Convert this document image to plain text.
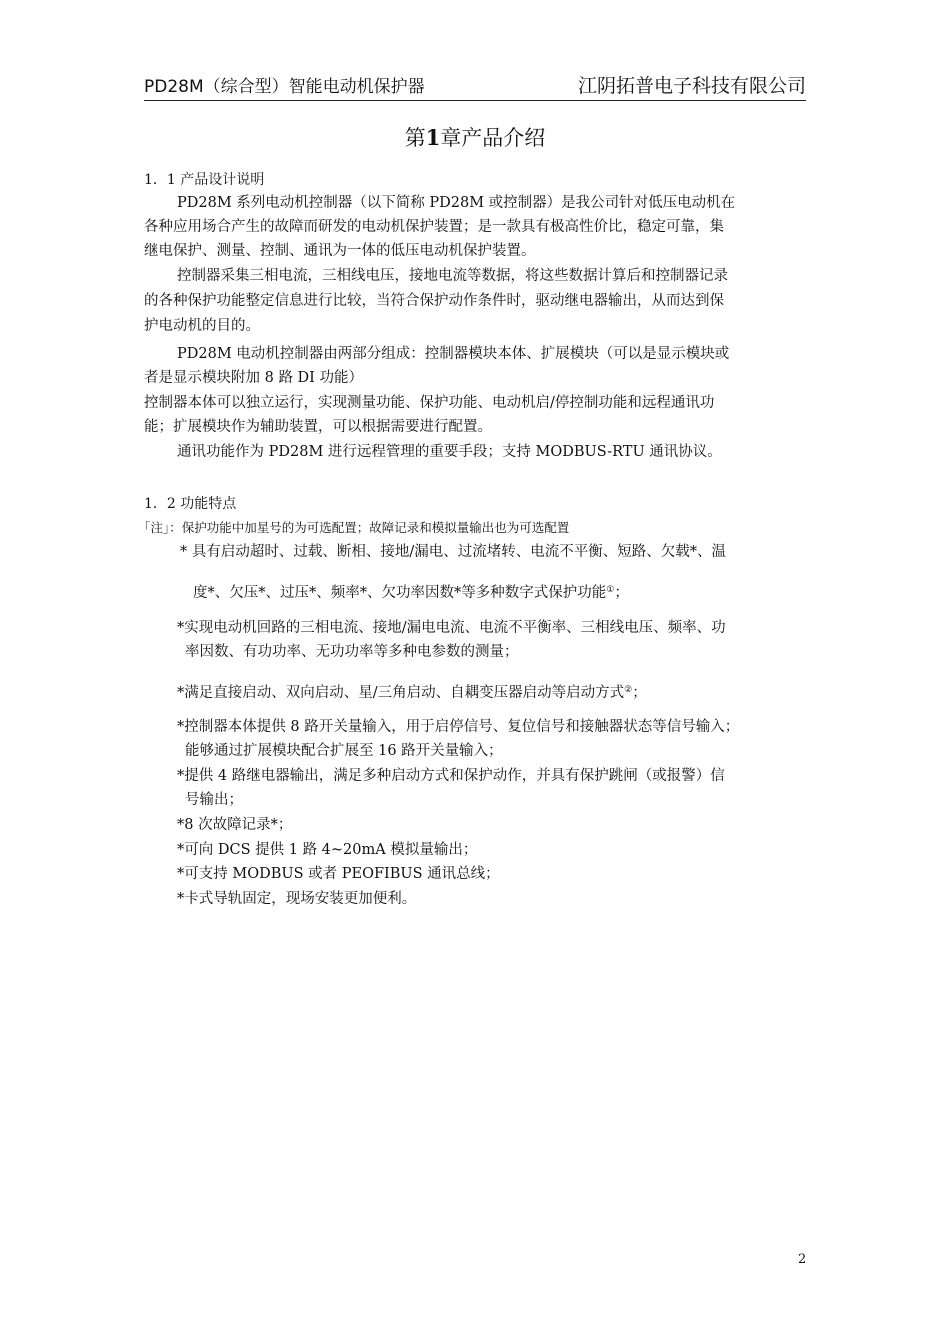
PD28M（综合型）智能电动机保护器	江阴拓普电子科技有限公司
第1章产品介绍
1．1 产品设计说明
PD28M 系列电动机控制器（以下简称 PD28M 或控制器）是我公司针对低压电动机在
各种应用场合产生的故障而研发的电动机保护装置；是一款具有极高性价比，稳定可靠，集
继电保护、测量、控制、通讯为一体的低压电动机保护装置。
控制器采集三相电流，三相线电压，接地电流等数据，将这些数据计算后和控制器记录
的各种保护功能整定信息进行比较，当符合保护动作条件时，驱动继电器输出，从而达到保
护电动机的目的。
PD28M 电动机控制器由两部分组成：控制器模块本体、扩展模块（可以是显示模块或
者是显示模块附加 8 路 DI 功能）
控制器本体可以独立运行，实现测量功能、保护功能、电动机启/停控制功能和远程通讯功
能；扩展模块作为辅助装置，可以根据需要进行配置。
通讯功能作为 PD28M 进行远程管理的重要手段；支持 MODBUS-RTU 通讯协议。
1．2 功能特点
「注」：保护功能中加星号的为可选配置；故障记录和模拟量输出也为可选配置
* 具有启动超时、过载、断相、接地/漏电、过流堵转、电流不平衡、短路、欠载*、温
度*、欠压*、过压*、频率*、欠功率因数*等多种数字式保护功能①；
*实现电动机回路的三相电流、接地/漏电电流、电流不平衡率、三相线电压、频率、功
率因数、有功功率、无功功率等多种电参数的测量；
*满足直接启动、双向启动、星/三角启动、自耦变压器启动等启动方式②；
*控制器本体提供 8 路开关量输入，用于启停信号、复位信号和接触器状态等信号输入；
能够通过扩展模块配合扩展至 16 路开关量输入；
*提供 4 路继电器输出，满足多种启动方式和保护动作，并具有保护跳闸（或报警）信
号输出；
*8 次故障记录*；
*可向 DCS 提供 1 路 4~20mA 模拟量输出；
*可支持 MODBUS 或者 PEOFIBUS 通讯总线；
*卡式导轨固定，现场安装更加便利。
2
